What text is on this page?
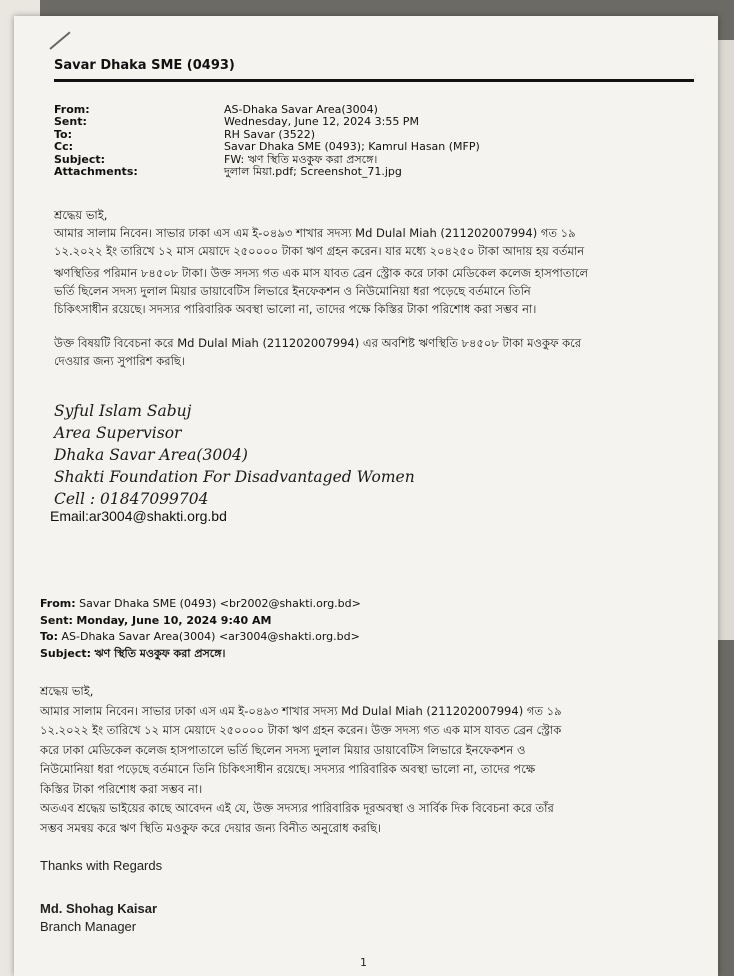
Savar Dhaka SME (0493)
From:	AS-Dhaka Savar Area(3004)
Sent:	Wednesday, June 12, 2024 3:55 PM
To:	RH Savar (3522)
Cc:	Savar Dhaka SME (0493); Kamrul Hasan (MFP)
Subject:	FW: ঋণ স্থিতি মওকুফ করা প্রসঙ্গে।
Attachments:	দুলাল মিয়া.pdf; Screenshot_71.jpg

শ্রদ্ধেয় ভাই,

আমার সালাম নিবেন। সাভার ঢাকা এস এম ই-০৪৯৩ শাখার সদস্য Md Dulal Miah (211202007994) গত ১৯

১২.২০২২ ইং তারিখে ১২ মাস মেয়াদে ২৫০০০০ টাকা ঋণ গ্রহন করেন। যার মধ্যে ২০৪২৫০ টাকা আদায় হয় বর্তমান

ঋণস্থিতির পরিমান ৮৪৫০৮ টাকা। উক্ত সদস্য গত এক মাস যাবত ব্রেন স্ট্রোক করে ঢাকা মেডিকেল কলেজ হাসপাতালে

ভর্তি ছিলেন সদস্য দুলাল মিয়ার ডায়াবেটিস লিভারে ইনফেকশন ও নিউমোনিয়া ধরা পড়েছে বর্তমানে তিনি

চিকিৎসাধীন রয়েছে। সদস্যর পারিবারিক অবস্থা ভালো না, তাদের পক্ষে কিস্তির টাকা পরিশোধ করা সম্ভব না।

উক্ত বিষয়টি বিবেচনা করে Md Dulal Miah (211202007994) এর অবশিষ্ট ঋণস্থিতি ৮৪৫০৮ টাকা মওকুফ করে

দেওয়ার জন্য সুপারিশ করছি।

Syful Islam Sabuj
Area Supervisor
Dhaka Savar Area(3004)
Shakti Foundation For Disadvantaged Women
Cell : 01847099704
Email:ar3004@shakti.org.bd
From: Savar Dhaka SME (0493) <br2002@shakti.org.bd>
Sent: Monday, June 10, 2024 9:40 AM
To: AS-Dhaka Savar Area(3004) <ar3004@shakti.org.bd>
Subject: ঋণ স্থিতি মওকুফ করা প্রসঙ্গে।

শ্রদ্ধেয় ভাই,

আমার সালাম নিবেন। সাভার ঢাকা এস এম ই-০৪৯৩ শাখার সদস্য Md Dulal Miah (211202007994) গত ১৯

১২.২০২২ ইং তারিখে ১২ মাস মেয়াদে ২৫০০০০ টাকা ঋণ গ্রহন করেন। উক্ত সদস্য গত এক মাস যাবত ব্রেন স্ট্রোক

করে ঢাকা মেডিকেল কলেজ হাসপাতালে ভর্তি ছিলেন সদস্য দুলাল মিয়ার ডায়াবেটিস লিভারে ইনফেকশন ও

নিউমোনিয়া ধরা পড়েছে বর্তমানে তিনি চিকিৎসাধীন রয়েছে। সদস্যর পারিবারিক অবস্থা ভালো না, তাদের পক্ষে

কিস্তির টাকা পরিশোধ করা সম্ভব না।

অতএব শ্রদ্ধেয় ভাইয়ের কাছে আবেদন এই যে, উক্ত সদস্যর পারিবারিক দূরঅবস্থা ও সার্বিক দিক বিবেচনা করে তাঁর

সম্ভব সমন্বয় করে ঋণ স্থিতি মওকুফ করে দেয়ার জন্য বিনীত অনুরোধ করছি।

Thanks with Regards
Md. Shohag Kaisar
Branch Manager
1
